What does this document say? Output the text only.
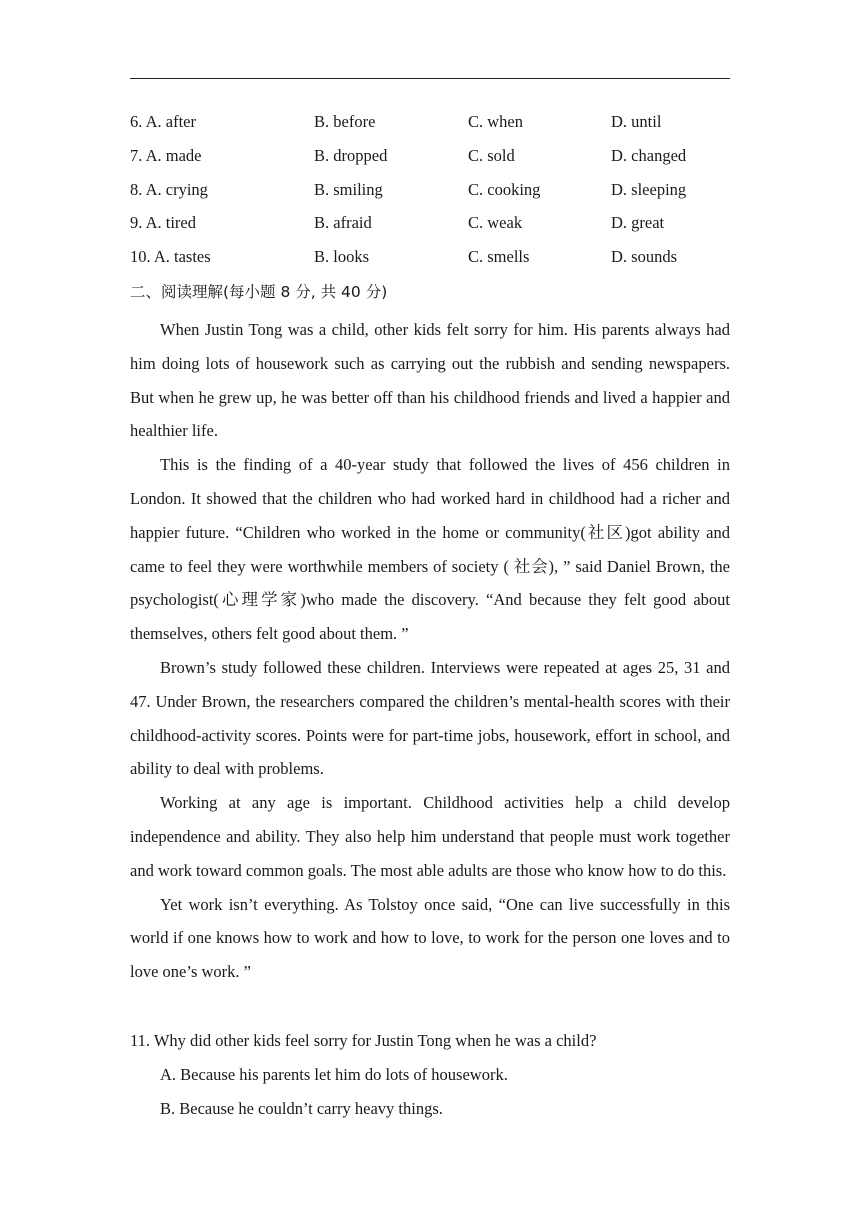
6. A. after	B. before	C. when	D. until
7. A. made	B. dropped	C. sold	D. changed
8. A. crying	B. smiling	C. cooking	D. sleeping
9. A. tired	B. afraid	C. weak	D. great
10. A. tastes	B. looks	C. smells	D. sounds
二、阅读理解(每小题 8 分, 共 40 分)

When Justin Tong was a child, other kids felt sorry for him. His parents always had him doing lots of housework such as carrying out the rubbish and sending newspapers. But when he grew up, he was better off than his childhood friends and lived a happier and healthier life.

This is the finding of a 40-year study that followed the lives of 456 children in London. It showed that the children who had worked hard in childhood had a richer and happier future. “Children who worked in the home or community(社区)got ability and came to feel they were worthwhile members of society ( 社会), ” said Daniel Brown, the psychologist(心理学家)who made the discovery. “And because they felt good about themselves, others felt good about them. ”

Brown’s study followed these children. Interviews were repeated at ages 25, 31 and 47. Under Brown, the researchers compared the children’s mental-health scores with their childhood-activity scores. Points were for part-time jobs, housework, effort in school, and ability to deal with problems.

Working at any age is important. Childhood activities help a child develop independence and ability. They also help him understand that people must work together and work toward common goals. The most able adults are those who know how to do this.

Yet work isn’t everything. As Tolstoy once said, “One can live successfully in this world if one knows how to work and how to love, to work for the person one loves and to love one’s work. ”

11. Why did other kids feel sorry for Justin Tong when he was a child?

A. Because his parents let him do lots of housework.

B. Because he couldn’t carry heavy things.
